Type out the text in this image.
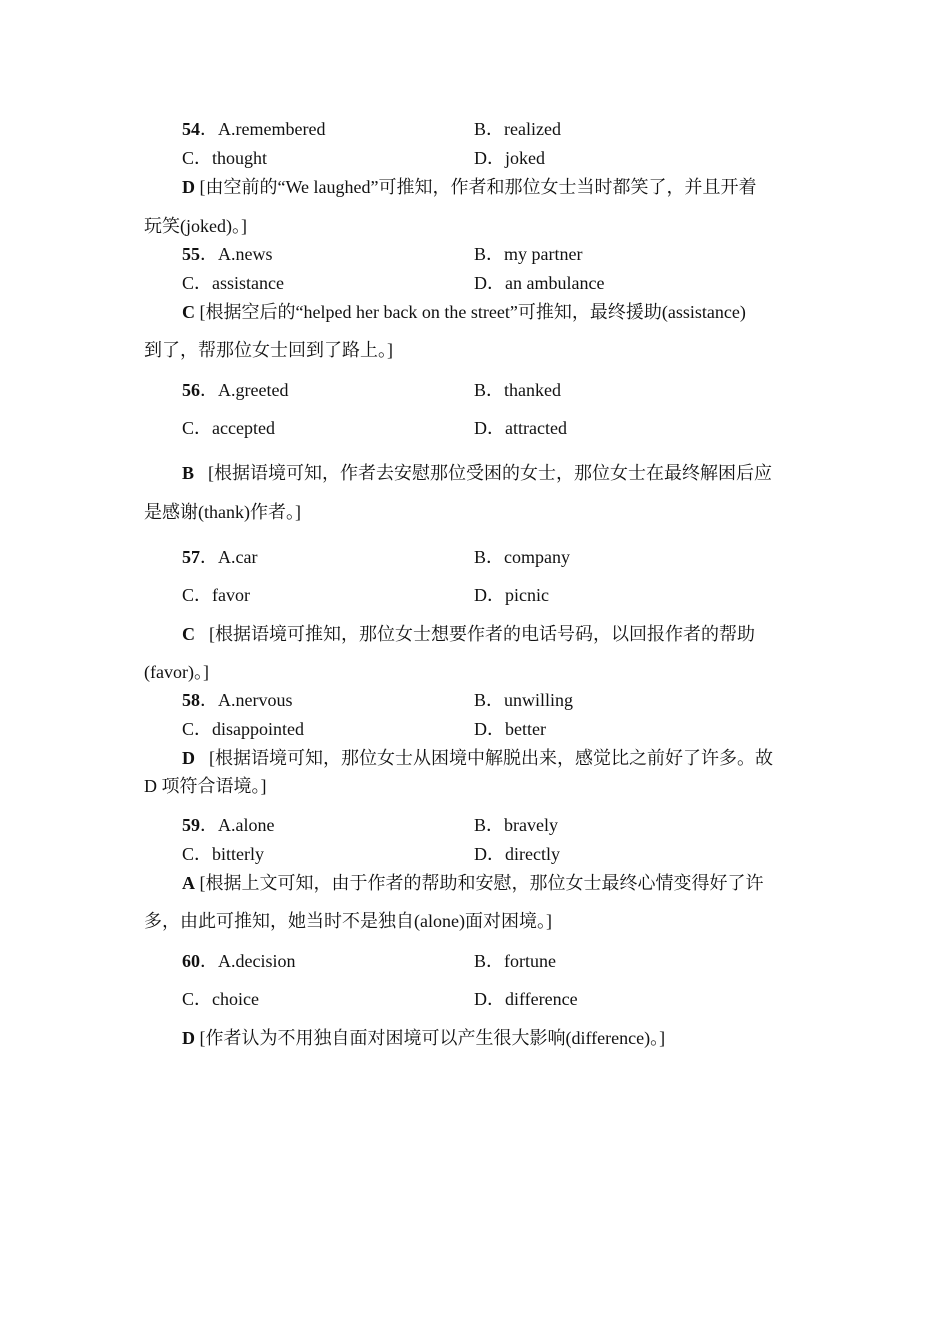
54．A.remembered	B．realized
C．thought	D．joked
D [由空前的“We laughed”可推知，作者和那位女士当时都笑了，并且开着
玩笑(joked)。]
55．A.news	B．my partner
C．assistance	D．an ambulance
C [根据空后的“helped her back on the street”可推知，最终援助(assistance)
到了，帮那位女士回到了路上。]
56．A.greeted	B．thanked
C．accepted	D．attracted
B [根据语境可知，作者去安慰那位受困的女士，那位女士在最终解困后应
是感谢(thank)作者。]
57．A.car	B．company
C．favor	D．picnic
C [根据语境可推知，那位女士想要作者的电话号码，以回报作者的帮助
(favor)。]
58．A.nervous	B．unwilling
C．disappointed	D．better
D [根据语境可知，那位女士从困境中解脱出来，感觉比之前好了许多。故
D 项符合语境。]
59．A.alone	B．bravely
C．bitterly	D．directly
A [根据上文可知，由于作者的帮助和安慰，那位女士最终心情变得好了许
多，由此可推知，她当时不是独自(alone)面对困境。]
60．A.decision	B．fortune
C．choice	D．difference
D [作者认为不用独自面对困境可以产生很大影响(difference)。]
